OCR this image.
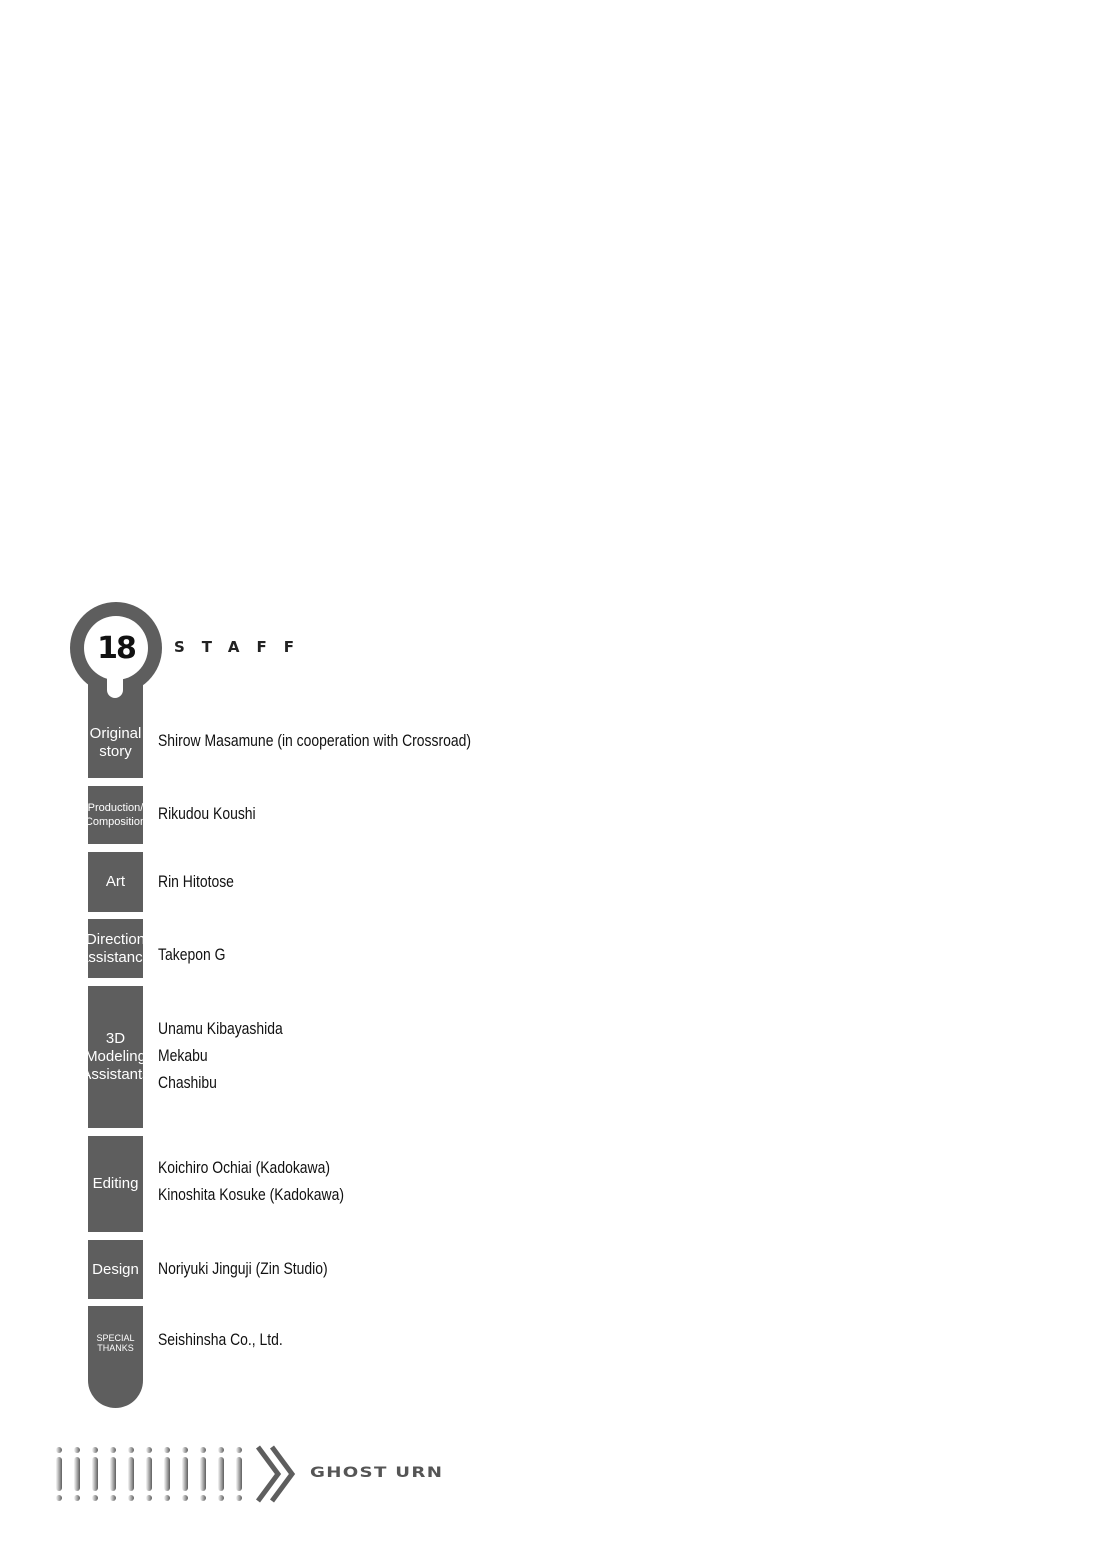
18	STAFF
Original
story
Production/
Composition
Art
Direction
assistance
3D
Modeling
Assistants
Editing
Design
SPECIAL
THANKS
Shirow Masamune (in cooperation with Crossroad)
Rikudou Koushi
Rin Hitotose
Takepon G
Unamu Kibayashida
Mekabu
Chashibu
Koichiro Ochiai (Kadokawa)
Kinoshita Kosuke (Kadokawa)
Noriyuki Jinguji (Zin Studio)
Seishinsha Co., Ltd.
GHOST URN
